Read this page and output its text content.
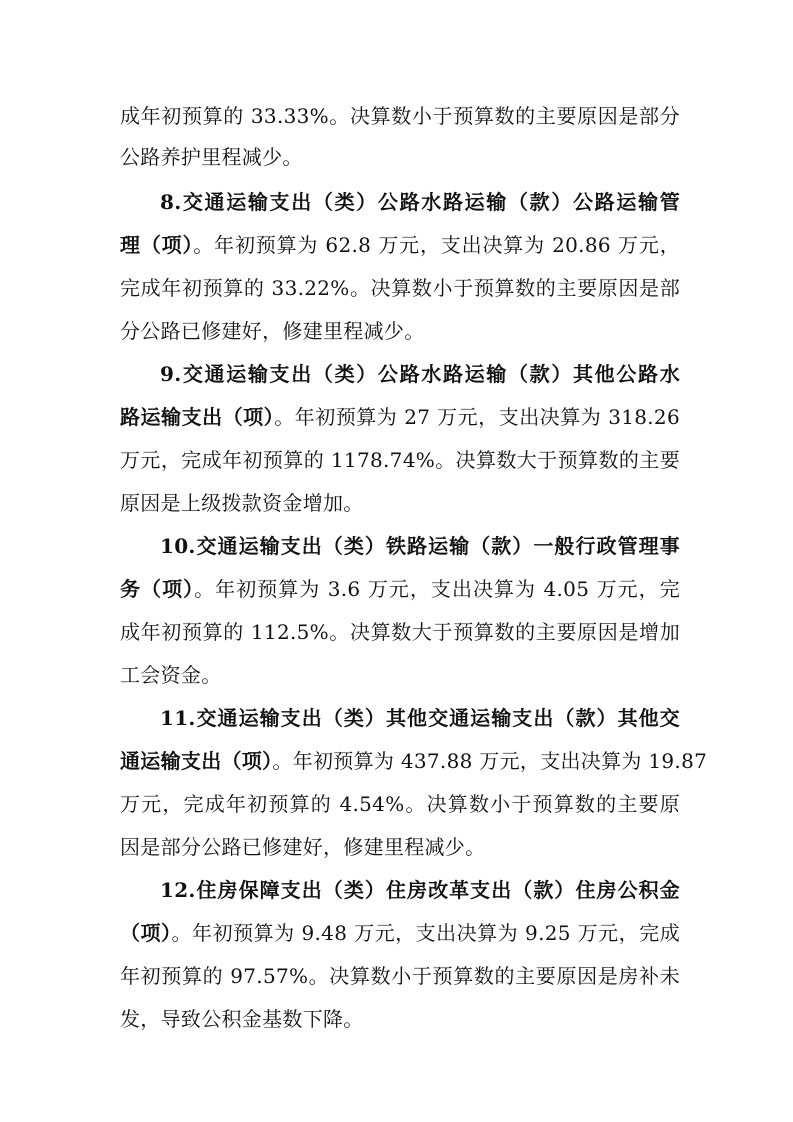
成年初预算的 33.33%。决算数小于预算数的主要原因是部分
公路养护里程减少。
8.交通运输支出（类）公路水路运输（款）公路运输管
理（项）。年初预算为 62.8 万元，支出决算为 20.86 万元，
完成年初预算的 33.22%。决算数小于预算数的主要原因是部
分公路已修建好，修建里程减少。
9.交通运输支出（类）公路水路运输（款）其他公路水
路运输支出（项）。年初预算为 27 万元，支出决算为 318.26
万元，完成年初预算的 1178.74%。决算数大于预算数的主要
原因是上级拨款资金增加。
10.交通运输支出（类）铁路运输（款）一般行政管理事
务（项）。年初预算为 3.6 万元，支出决算为 4.05 万元，完
成年初预算的 112.5%。决算数大于预算数的主要原因是增加
工会资金。
11.交通运输支出（类）其他交通运输支出（款）其他交
通运输支出（项）。年初预算为 437.88 万元，支出决算为 19.87
万元，完成年初预算的 4.54%。决算数小于预算数的主要原
因是部分公路已修建好，修建里程减少。
12.住房保障支出（类）住房改革支出（款）住房公积金
（项）。年初预算为 9.48 万元，支出决算为 9.25 万元，完成
年初预算的 97.57%。决算数小于预算数的主要原因是房补未
发，导致公积金基数下降。
